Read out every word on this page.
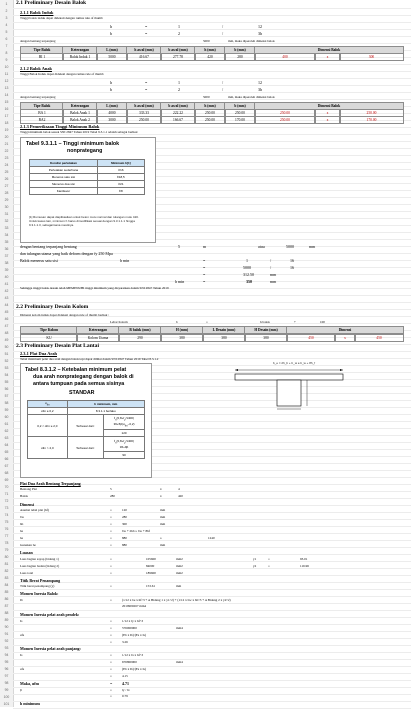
1
2
3
4
5
6
7
8
9
10
11
12
13
14
15
16
17
18
19
20
21
22
23
24
25
26
27
28
29
30
31
32
33
34
35
36
37
38
39
40
41
42
43
44
45
46
47
48
49
50
51
52
53
54
55
56
57
58
59
60
61
62
63
64
65
66
67
68
69
70
71
72
73
74
75
76
77
78
79
80
81
82
83
84
85
86
87
88
89
90
91
92
93
94
95
96
97
98
99
100
101
2.1 Preliminary Desain Balok
2.1.1 Balok Induk
Tinggi balok induk dapat didekati dengan rumus rule of thumb
h	=	1	/	12
b	=	2	/	3h
dengan bentang terpanjang	5000	mm, maka diperoleh dimensi balok
Tipe Balok	Keterangan	L (mm)	h awal (mm)	b awal (mm)	h (mm)	b (mm)	Dimensi Balok
BI 1	Balok Induk 1	5000	416.67	277.78	420	280	400	x	300
2.1.2 Balok Anak
Tinggi Balok Induk dapat didekati dengan rumus rule of thumb
h	=	1	/	12
b	=	2	/	3h
dengan bentang terpanjang	5000	mm, maka diperoleh dimensi balok
Tipe Balok	Keterangan	L (mm)	h awal (mm)	b awal (mm)	h (mm)	b (mm)	Dimensi Balok
BA 1	Balok Anak 1	4000	333.33	222.22	250.00	250.00	250.00	x	250.00
BA2	Balok Anak 2	3000	250.00	166.67	250.00	170.00	250.00	x	170.00
2.1.3 Pemeriksaan Tinggi Minimum Balok
Tinggi minimum balok sesuai SNI 2847 Tahun 2019 Tabel 9.3.1.1 adalah sebagai berikut
Tabel 9.3.1.1 – Tinggi minimum balok
nonprategang
Kondisi perletakan	Minimum h[1]
Perletakan sederhana	ℓ/16
Menerus satu sisi	ℓ/18,5
Menerus dua sisi	ℓ/21
Kantilever	ℓ/8
[1] Rumusan dapat diaplikasikan untuk beton mutu normal dan tulangan mutu 420. Untuk kasus lain, minimum h harus dimodifikasi sesuai dengan 9.3.1.1.1 hingga 9.3.1.1.3, sebagaimana mestinya.
dengan bentang terpanjang bentang	5	m	atau	5000	mm
dan tulangan utama yang baik deform dengan fy 250 Mpa
Balok menerus satu sisi	h min	=	1	/	16
=	5000	/	16
=	312.50	mm
h min	=	350	mm
Sehingga tinggi balok desain telah MEMENUHI tinggi minimum yang disyaratkan dalam SNI 2847 Tahun 2019
2.2 Preliminary Desain Kolom
Dimensi kolom induk dapat didekati dengan rule of thumb berikut :
Lebar Kolom	b	=	h balok	+	100
Tipe Kolom	Keterangan	B balok (mm)	H (mm)	L Desain (mm)	H Desain (mm)	Dimensi
KU	Kolom Utama	290	380	380	380	450	x	450
2.3 Preliminary Desain Plat Lantai
2.3.1 Plat Dua Arah
Tebal minimum pelat dua arah dengan balok tepi dapat dilihat dalam SNI 2847 Tahun 2019 Tabel 8.3.1.2
Tabel 8.3.1.2 – Ketebalan minimum pelat
dua arah nonprategang dengan balok di
antara tumpuan pada semua sisinya
STANDAR
$\alpha_{fm}$	h minimum, mm	
αfm ≤ 0,2	8.3.1.1 berlaku	
0,2 < αfm ≤ 2,0	Terbesar dari:	$\ell_n(0,8+f_y/1400)$
$36+5\beta(\alpha_{fm}-0,2)$
		120
αfm > 2,0	Terbesar dari:	$\ell_n(0,8+f_y/1400)$
36+9β
		90
b_e = 2h_b + b_w ≤ b_w + 8h_f
Plat Dua Arah Bentang Terpanjang
Bentang Plat	5	x	4
Balok	280	x	420
Dimensi
Asumsi tebal plat (hf)	=	120	mm
bw	=	280	mm
hb	=	300	mm
be	=	bw + 2hb ≤ bw + 8hf
be	=	880	≤	1240
Gunakan be	=	880	mm
Luasan
Luas bagian sayap (bidang 1)	=	105600	mm2	y1	=	93.01
Luas bagian badan (bidang 2)	=	84000	mm2	y2	=	116.96
Luas total	=	189600	mm2
Titik Berat Penampang
Titik berat penampang (y)	=	153.61	mm
Momen Inersia Balok:
Ib	=	(1/12 x be x hf^3 + A Bidang 1 x y1^2) + (1/12 x bw x hb^3 + A Bidang 2 x y2^2)
2019900267 mm4
Momen Inersia pelat arah pendek:
Is	=	1/12 x ly x hf^3
=	576000000	mm4
αfs	=	(Eb x Ib)/(Es x Is)
=	3.26
Momen Inersia pelat arah panjang:
Is	=	1/12 x lx x hf^3
=	676800000	mm4
αfs	=	(Eb x Ib)/(Es x Is)
=	4.15
Maka, αfm	= 4.71
β	=	ly / lx
=	0.79
h minimum
